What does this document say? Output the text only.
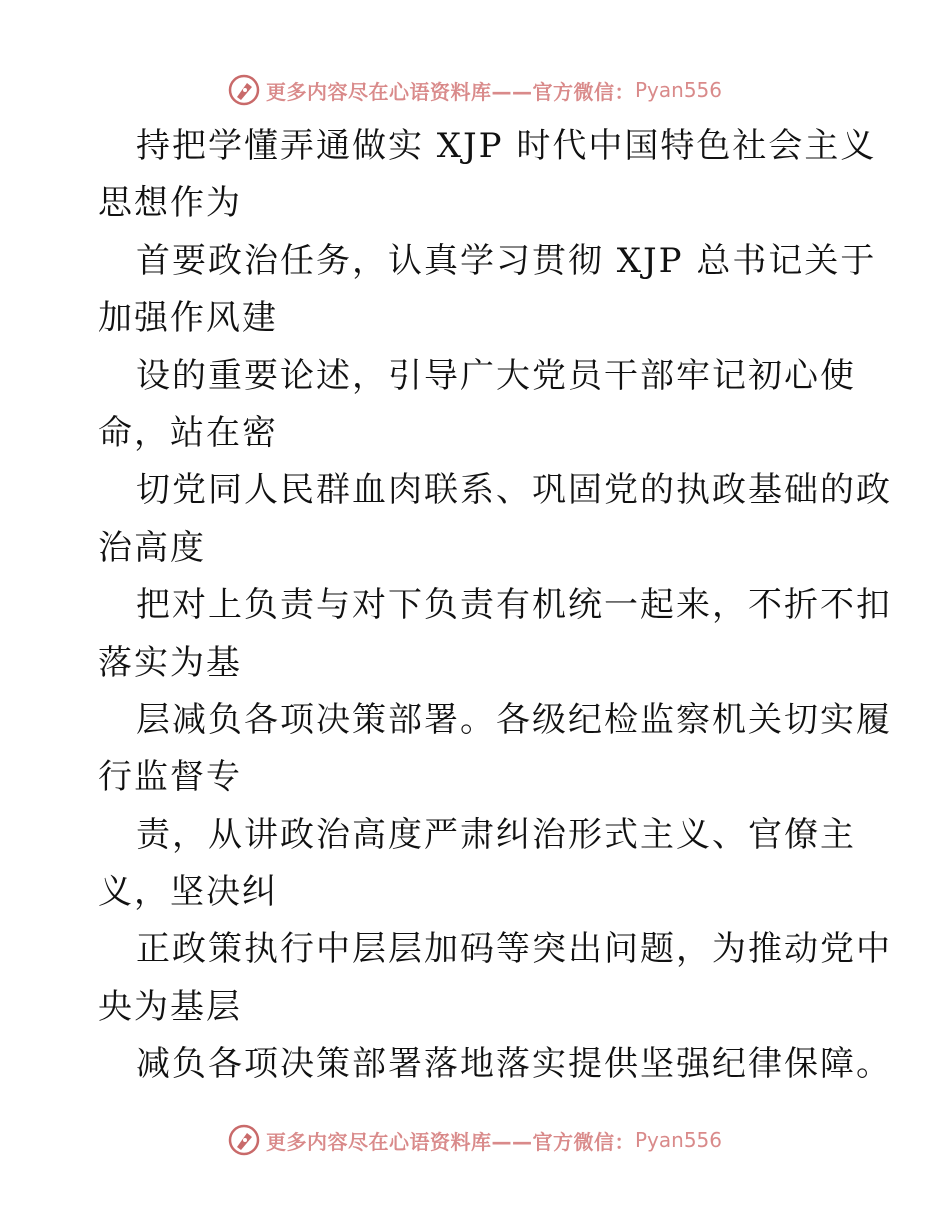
更多内容尽在心语资料库——官方微信： Pyan556
持把学懂弄通做实 XJP 时代中国特色社会主义
思想作为
首要政治任务，认真学习贯彻 XJP 总书记关于
加强作风建
设的重要论述，引导广大党员干部牢记初心使
命，站在密
切党同人民群血肉联系、巩固党的执政基础的政
治高度
把对上负责与对下负责有机统一起来，不折不扣
落实为基
层减负各项决策部署。各级纪检监察机关切实履
行监督专
责，从讲政治高度严肃纠治形式主义、官僚主
义，坚决纠
正政策执行中层层加码等突出问题，为推动党中
央为基层
减负各项决策部署落地落实提供坚强纪律保障。
更多内容尽在心语资料库——官方微信： Pyan556
